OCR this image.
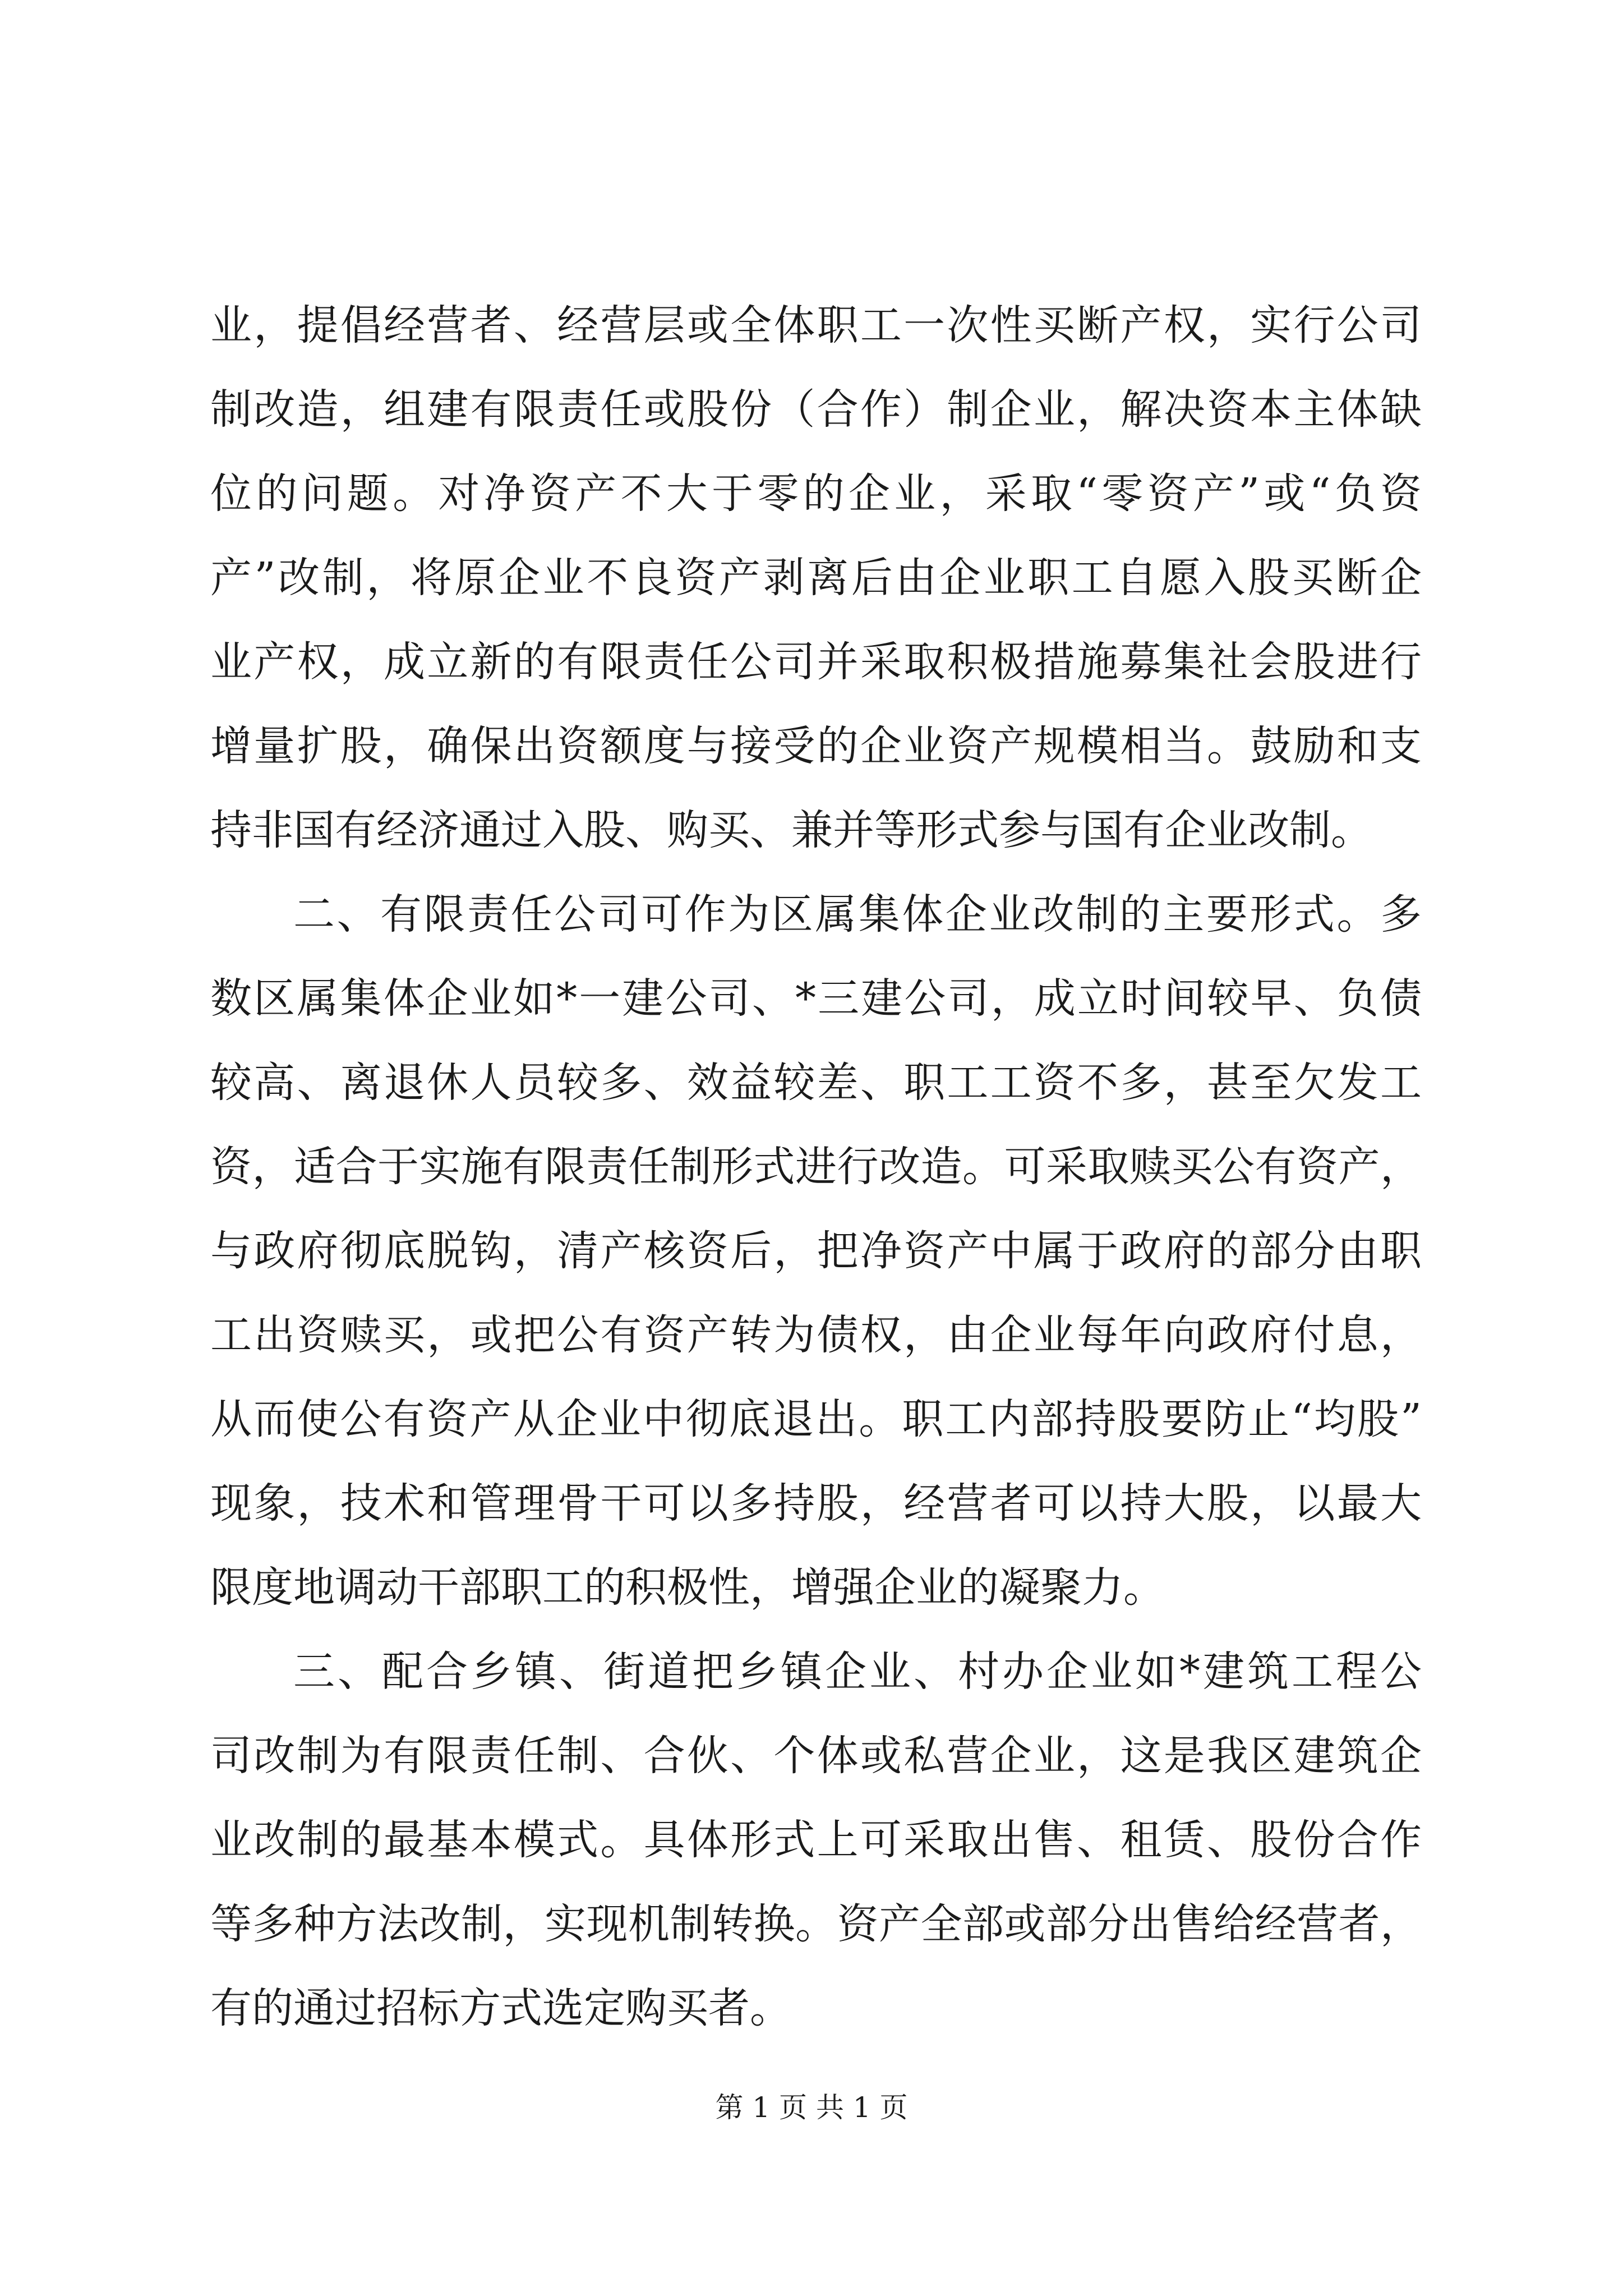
业，提倡经营者、经营层或全体职工一次性买断产权，实行公司
制改造，组建有限责任或股份（合作）制企业，解决资本主体缺
位的问题。对净资产不大于零的企业，采取“零资产”或“负资
产”改制，将原企业不良资产剥离后由企业职工自愿入股买断企
业产权，成立新的有限责任公司并采取积极措施募集社会股进行
增量扩股，确保出资额度与接受的企业资产规模相当。鼓励和支
持非国有经济通过入股、购买、兼并等形式参与国有企业改制。
二、有限责任公司可作为区属集体企业改制的主要形式。多
数区属集体企业如*一建公司、*三建公司，成立时间较早、负债
较高、离退休人员较多、效益较差、职工工资不多，甚至欠发工
资，适合于实施有限责任制形式进行改造。可采取赎买公有资产，
与政府彻底脱钩，清产核资后，把净资产中属于政府的部分由职
工出资赎买，或把公有资产转为债权，由企业每年向政府付息，
从而使公有资产从企业中彻底退出。职工内部持股要防止“均股”
现象，技术和管理骨干可以多持股，经营者可以持大股，以最大
限度地调动干部职工的积极性，增强企业的凝聚力。
三、配合乡镇、街道把乡镇企业、村办企业如*建筑工程公
司改制为有限责任制、合伙、个体或私营企业，这是我区建筑企
业改制的最基本模式。具体形式上可采取出售、租赁、股份合作
等多种方法改制，实现机制转换。资产全部或部分出售给经营者，
有的通过招标方式选定购买者。
第 1 页 共 1 页
